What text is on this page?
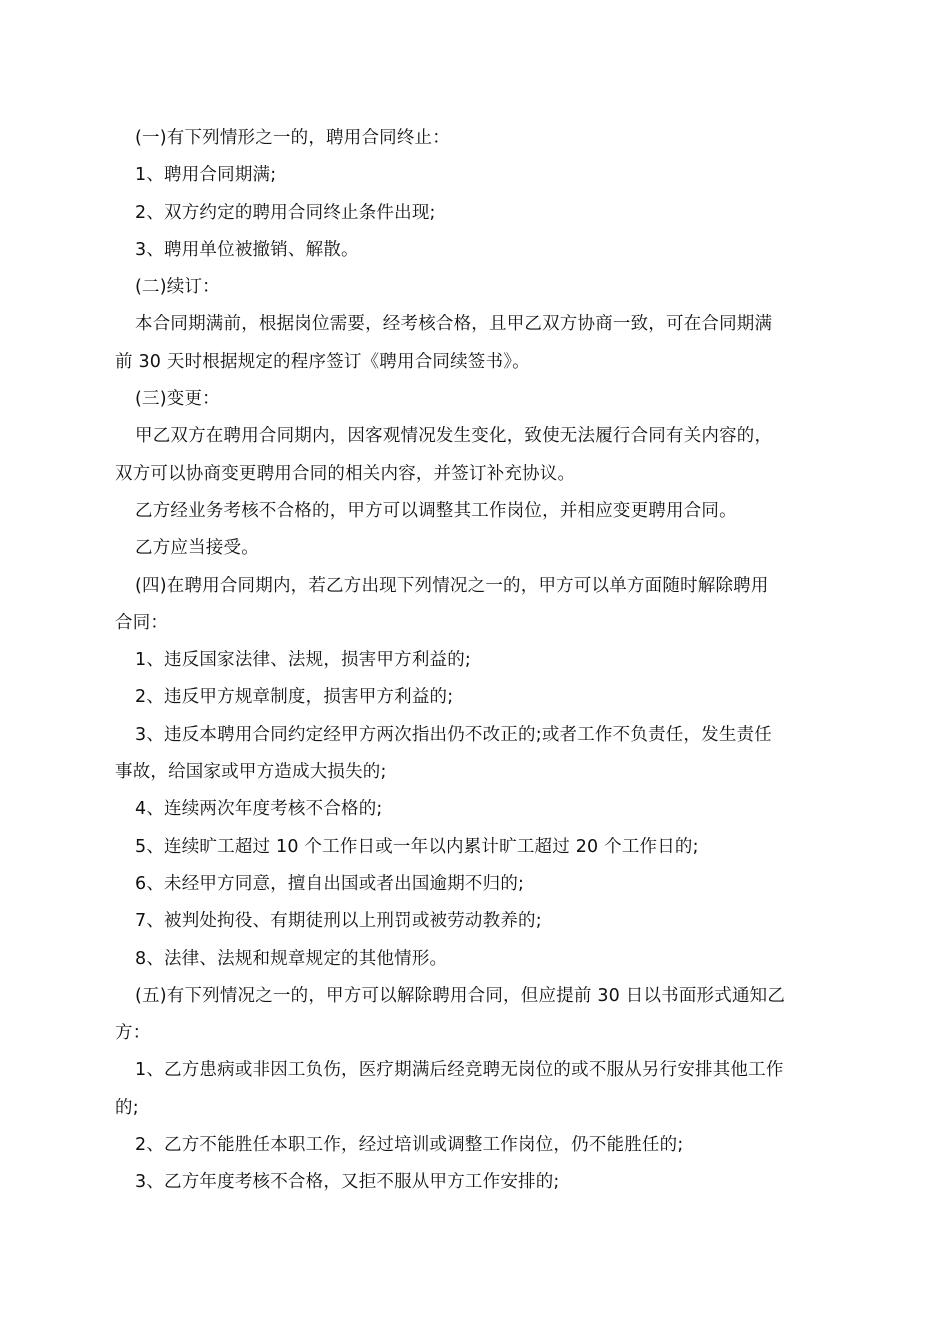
(一)有下列情形之一的，聘用合同终止：
1、聘用合同期满;
2、双方约定的聘用合同终止条件出现;
3、聘用单位被撤销、解散。
(二)续订：
本合同期满前，根据岗位需要，经考核合格，且甲乙双方协商一致，可在合同期满
前 30 天时根据规定的程序签订《聘用合同续签书》。
(三)变更：
甲乙双方在聘用合同期内，因客观情况发生变化，致使无法履行合同有关内容的，
双方可以协商变更聘用合同的相关内容，并签订补充协议。
乙方经业务考核不合格的，甲方可以调整其工作岗位，并相应变更聘用合同。
乙方应当接受。
(四)在聘用合同期内，若乙方出现下列情况之一的，甲方可以单方面随时解除聘用
合同：
1、违反国家法律、法规，损害甲方利益的;
2、违反甲方规章制度，损害甲方利益的;
3、违反本聘用合同约定经甲方两次指出仍不改正的;或者工作不负责任，发生责任
事故，给国家或甲方造成大损失的;
4、连续两次年度考核不合格的;
5、连续旷工超过 10 个工作日或一年以内累计旷工超过 20 个工作日的;
6、未经甲方同意，擅自出国或者出国逾期不归的;
7、被判处拘役、有期徒刑以上刑罚或被劳动教养的;
8、法律、法规和规章规定的其他情形。
(五)有下列情况之一的，甲方可以解除聘用合同，但应提前 30 日以书面形式通知乙
方：
1、乙方患病或非因工负伤，医疗期满后经竞聘无岗位的或不服从另行安排其他工作
的;
2、乙方不能胜任本职工作，经过培训或调整工作岗位，仍不能胜任的;
3、乙方年度考核不合格，又拒不服从甲方工作安排的;
